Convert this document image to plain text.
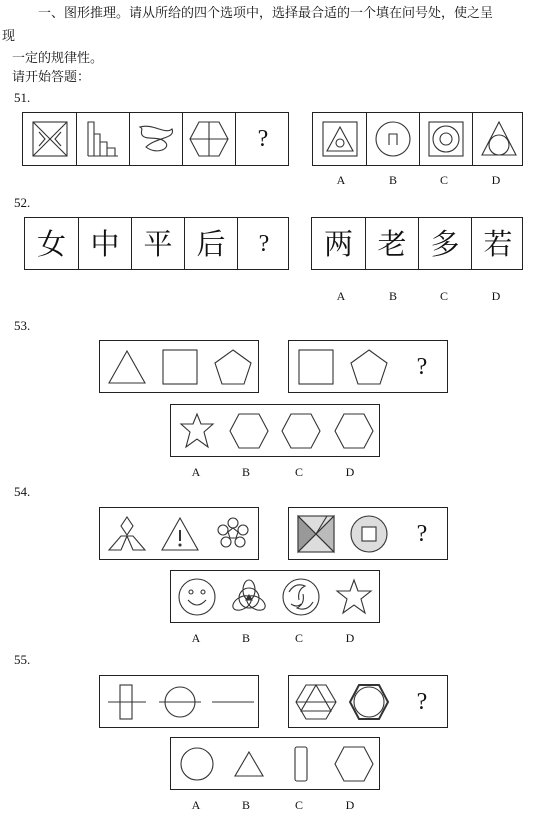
一、图形推理。请从所给的四个选项中，选择最合适的一个填在问号处，使之呈
现
一定的规律性。
请开始答题：
51.
?
A	B	C	D
52.
女 中 平 后	?	两 老 多 若
A	B	C	D
53.
?
A	B	C	D
54.
?
A	B	C	D
55.
?
A	B	C	D
